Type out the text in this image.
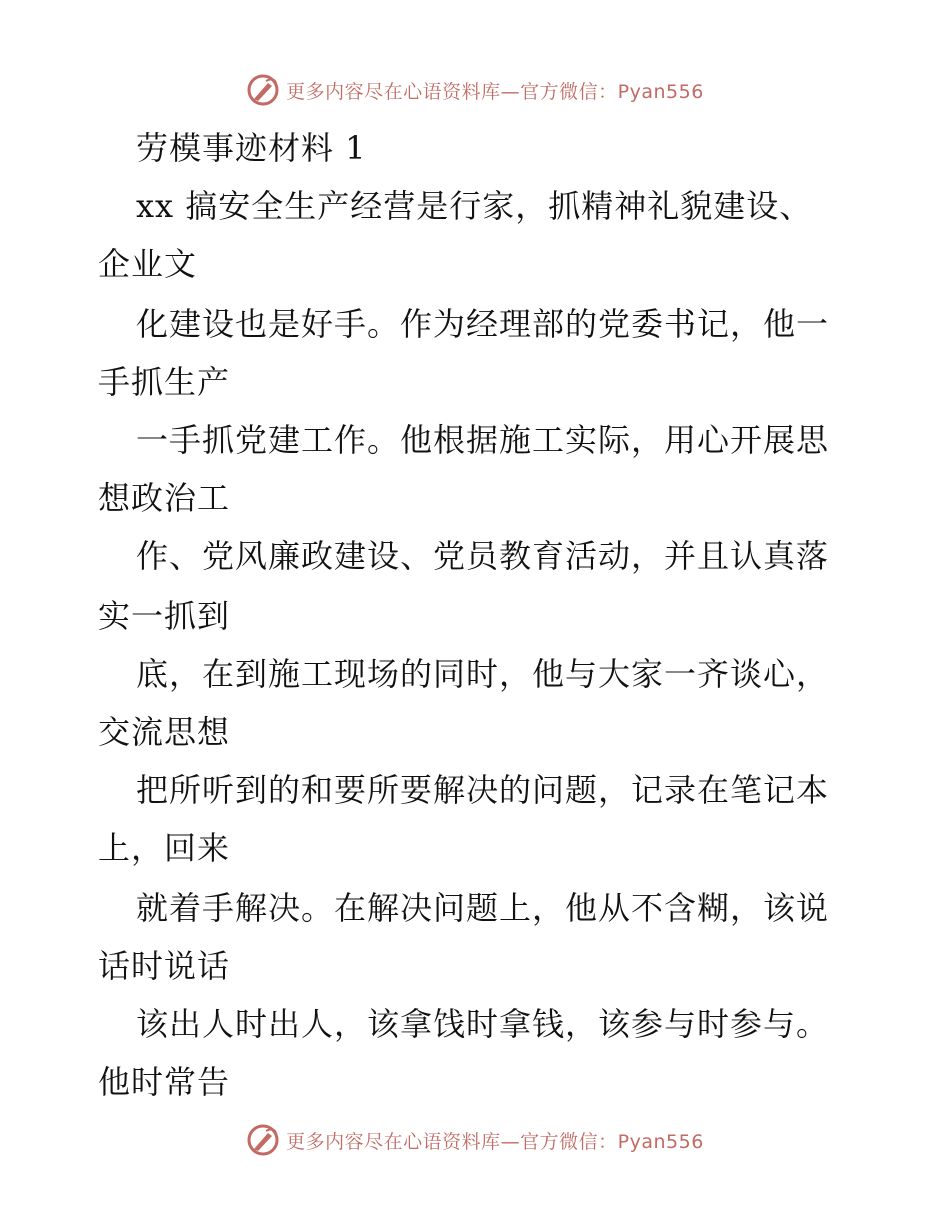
更多内容尽在心语资料库—官方微信：Pyan556
劳模事迹材料 1
xx 搞安全生产经营是行家，抓精神礼貌建设、
企业文
化建设也是好手。作为经理部的党委书记，他一
手抓生产
一手抓党建工作。他根据施工实际，用心开展思
想政治工
作、党风廉政建设、党员教育活动，并且认真落
实一抓到
底，在到施工现场的同时，他与大家一齐谈心，
交流思想
把所听到的和要所要解决的问题，记录在笔记本
上，回来
就着手解决。在解决问题上，他从不含糊，该说
话时说话
该出人时出人，该拿饯时拿钱，该参与时参与。
他时常告
更多内容尽在心语资料库—官方微信：Pyan556
